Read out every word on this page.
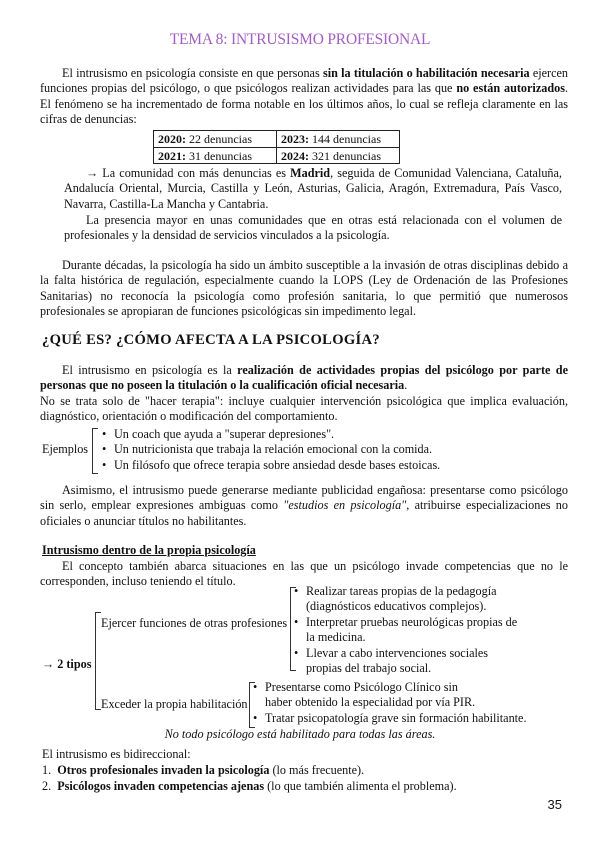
TEMA 8: INTRUSISMO PROFESIONAL
El intrusismo en psicología consiste en que personas sin la titulación o habilitación necesaria ejercen funciones propias del psicólogo, o que psicólogos realizan actividades para las que no están autorizados. El fenómeno se ha incrementado de forma notable en los últimos años, lo cual se refleja claramente en las cifras de denuncias:
2020: 22 denuncias	2023: 144 denuncias
2021: 31 denuncias	2024: 321 denuncias
→ La comunidad con más denuncias es Madrid, seguida de Comunidad Valenciana, Cataluña, Andalucía Oriental, Murcia, Castilla y León, Asturias, Galicia, Aragón, Extremadura, País Vasco, Navarra, Castilla-La Mancha y Cantabria.
La presencia mayor en unas comunidades que en otras está relacionada con el volumen de profesionales y la densidad de servicios vinculados a la psicología.
Durante décadas, la psicología ha sido un ámbito susceptible a la invasión de otras disciplinas debido a la falta histórica de regulación, especialmente cuando la LOPS (Ley de Ordenación de las Profesiones Sanitarias) no reconocía la psicología como profesión sanitaria, lo que permitió que numerosos profesionales se apropiaran de funciones psicológicas sin impedimento legal.
¿QUÉ ES? ¿CÓMO AFECTA A LA PSICOLOGÍA?
El intrusismo en psicología es la realización de actividades propias del psicólogo por parte de personas que no poseen la titulación o la cualificación oficial necesaria.
No se trata solo de "hacer terapia": incluye cualquier intervención psicológica que implica evaluación, diagnóstico, orientación o modificación del comportamiento.
Ejemplos
• Un coach que ayuda a "superar depresiones".
• Un nutricionista que trabaja la relación emocional con la comida.
• Un filósofo que ofrece terapia sobre ansiedad desde bases estoicas.
Asimismo, el intrusismo puede generarse mediante publicidad engañosa: presentarse como psicólogo sin serlo, emplear expresiones ambiguas como "estudios en psicología", atribuirse especializaciones no oficiales o anunciar títulos no habilitantes.
Intrusismo dentro de la propia psicología
El concepto también abarca situaciones en las que un psicólogo invade competencias que no le corresponden, incluso teniendo el título.
→ 2 tipos
Ejercer funciones de otras profesiones
• Realizar tareas propias de la pedagogía (diagnósticos educativos complejos).
• Interpretar pruebas neurológicas propias de la medicina.
• Llevar a cabo intervenciones sociales propias del trabajo social.
Exceder la propia habilitación
• Presentarse como Psicólogo Clínico sin haber obtenido la especialidad por vía PIR.
• Tratar psicopatología grave sin formación habilitante.
No todo psicólogo está habilitado para todas las áreas.
El intrusismo es bidireccional:
1. Otros profesionales invaden la psicología (lo más frecuente).
2. Psicólogos invaden competencias ajenas (lo que también alimenta el problema).
35
